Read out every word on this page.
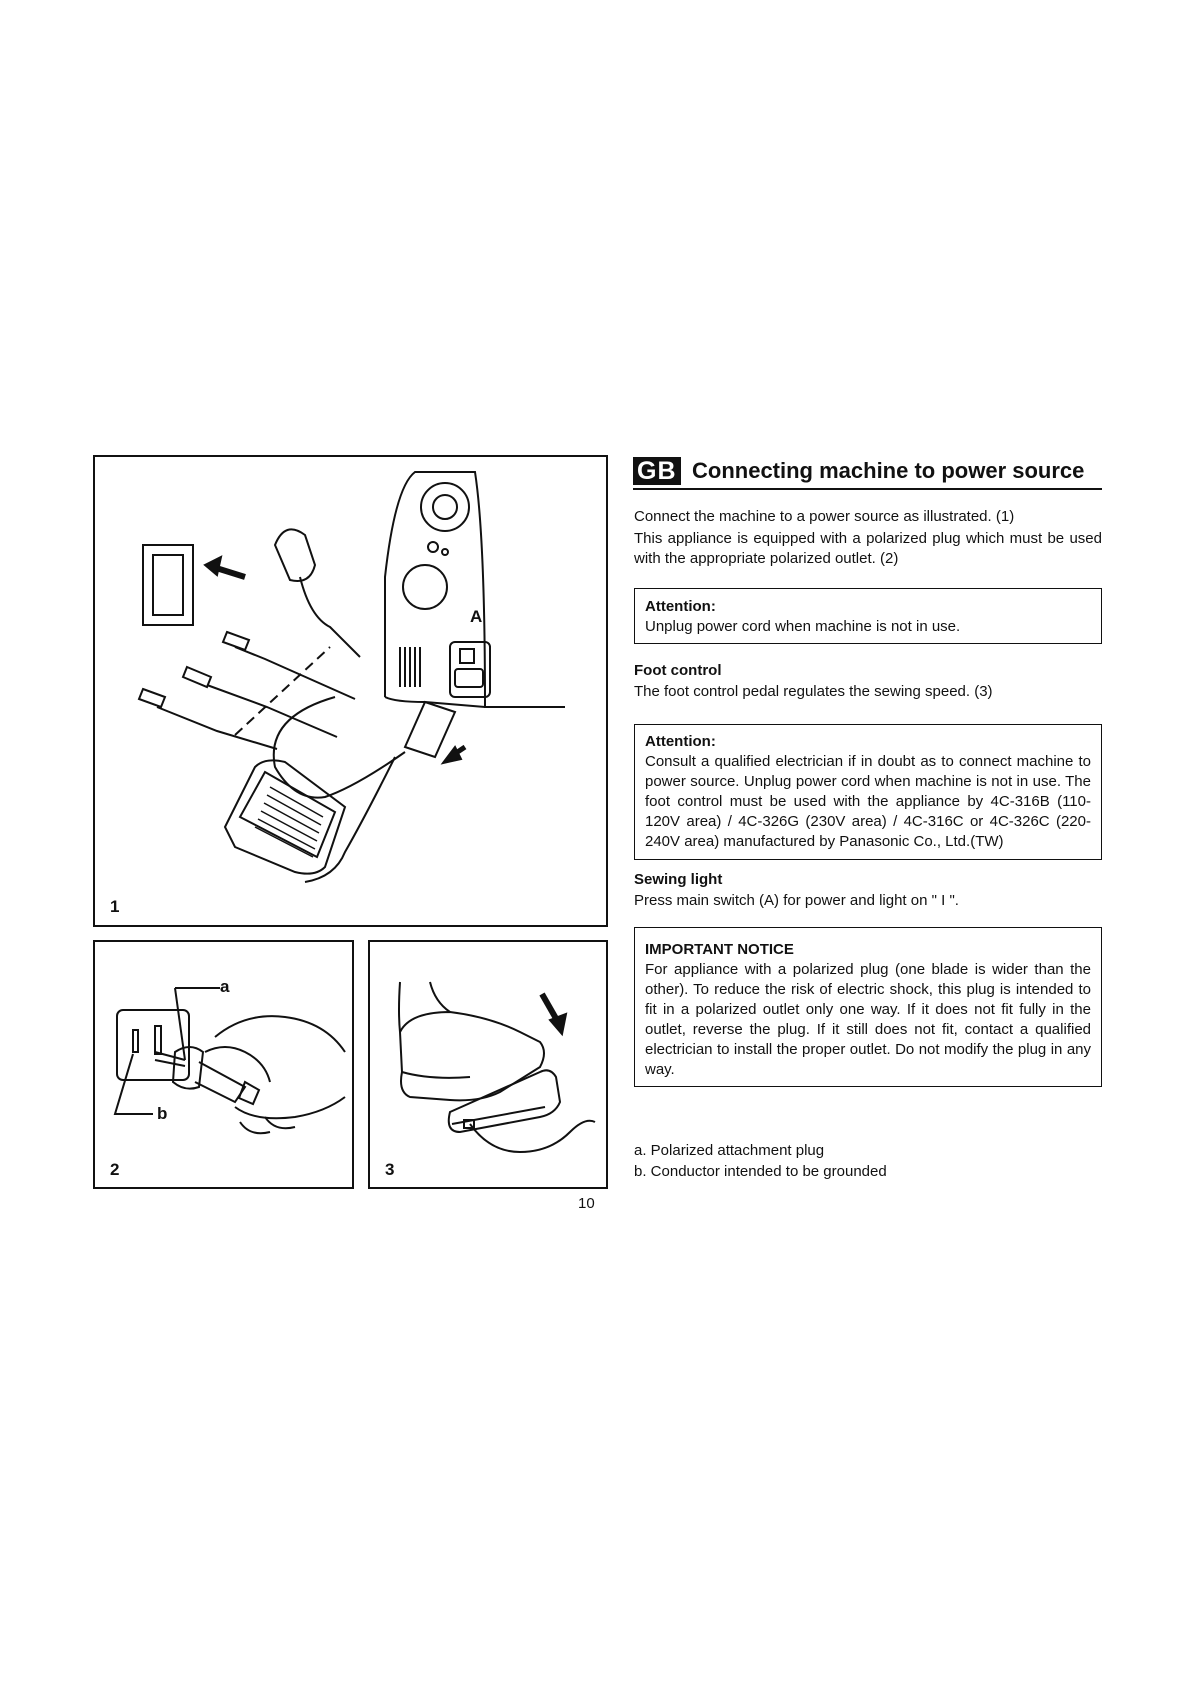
A
1
a
b
2	3
10
GB Connecting machine to power source
Connect the machine to a power source as illustrated. (1)
This appliance is equipped with a polarized plug which must be used with the appropriate polarized outlet. (2)
Attention:
Unplug power cord when machine is not in use.
Foot control
The foot control pedal regulates the sewing speed. (3)
Attention:
Consult a qualified electrician if in doubt as to connect machine to power source. Unplug power cord when machine is not in use. The foot control must be used with the appliance by 4C-316B (110-120V area) / 4C-326G (230V area) / 4C-316C or 4C-326C (220-240V area) manufactured by Panasonic Co., Ltd.(TW)
Sewing light
Press main switch (A) for power and light on " I ".
IMPORTANT NOTICE
For appliance with a polarized plug (one blade is wider than the other). To reduce the risk of electric shock, this plug is intended to fit in a polarized outlet only one way. If it does not fit fully in the outlet, reverse the plug. If it still does not fit, contact a qualified electrician to install the proper outlet. Do not modify the plug in any way.
a. Polarized attachment plug
b. Conductor intended to be grounded
